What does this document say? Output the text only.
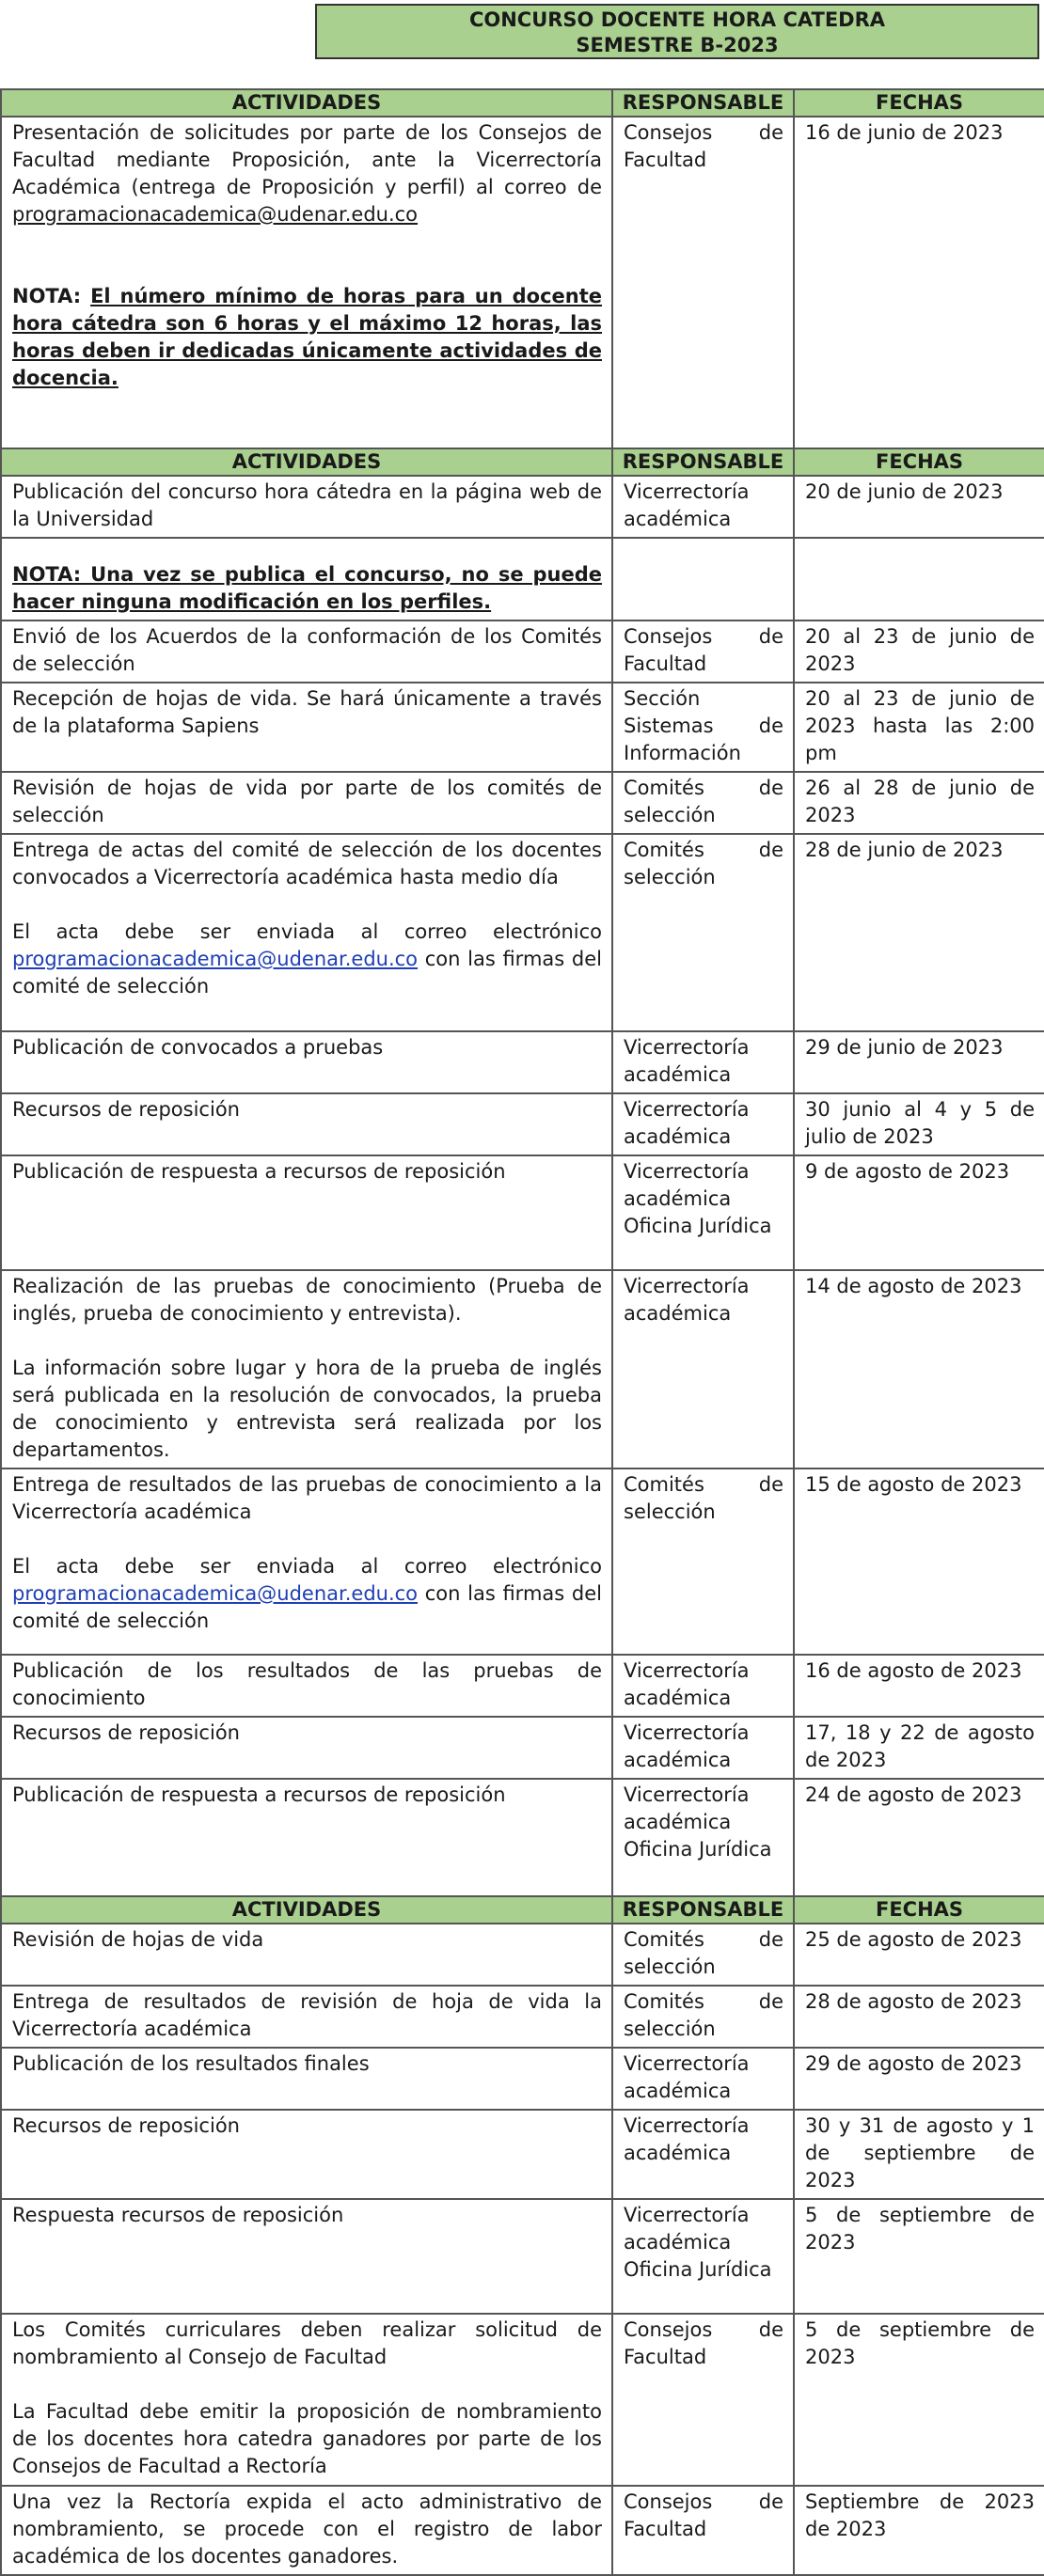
CONCURSO DOCENTE HORA CATEDRA
SEMESTRE B-2023
ACTIVIDADES	RESPONSABLE	FECHAS
Presentación de solicitudes por parte de los Consejos de Facultad mediante Proposición, ante la Vicerrectoría Académica (entrega de Proposición y perfil) al correo de programacionacademica@udenar.edu.co

NOTA: El número mínimo de horas para un docente hora cátedra son 6 horas y el máximo 12 horas, las horas deben ir dedicadas únicamente actividades de docencia.	Consejos de Facultad	16 de junio de 2023
ACTIVIDADES	RESPONSABLE	FECHAS
Publicación del concurso hora cátedra en la página web de la Universidad	Vicerrectoría académica	20 de junio de 2023

NOTA: Una vez se publica el concurso, no se puede hacer ninguna modificación en los perfiles.		

Envió de los Acuerdos de la conformación de los Comités de selección	Consejos de Facultad	20 al 23 de junio de 2023
Recepción de hojas de vida. Se hará únicamente a través de la plataforma Sapiens	Sección Sistemas de Información	20 al 23 de junio de 2023 hasta las 2:00 pm
Revisión de hojas de vida por parte de los comités de selección	Comités de selección	26 al 28 de junio de 2023

Entrega de actas del comité de selección de los docentes convocados a Vicerrectoría académica hasta medio día

El acta debe ser enviada al correo electrónico programacionacademica@udenar.edu.co con las firmas del comité de selección	Comités de selección	28 de junio de 2023
Publicación de convocados a pruebas	Vicerrectoría académica	29 de junio de 2023
Recursos de reposición	Vicerrectoría académica	30 junio al 4 y 5 de julio de 2023
Publicación de respuesta a recursos de reposición	Vicerrectoría académica Oficina Jurídica	9 de agosto de 2023

Realización de las pruebas de conocimiento (Prueba de inglés, prueba de conocimiento y entrevista).

La información sobre lugar y hora de la prueba de inglés será publicada en la resolución de convocados, la prueba de conocimiento y entrevista será realizada por los departamentos.	Vicerrectoría académica	14 de agosto de 2023

Entrega de resultados de las pruebas de conocimiento a la Vicerrectoría académica

El acta debe ser enviada al correo electrónico programacionacademica@udenar.edu.co con las firmas del comité de selección	Comités de selección	15 de agosto de 2023
Publicación de los resultados de las pruebas de conocimiento	Vicerrectoría académica	16 de agosto de 2023
Recursos de reposición	Vicerrectoría académica	17, 18 y 22 de agosto de 2023
Publicación de respuesta a recursos de reposición	Vicerrectoría académica Oficina Jurídica	24 de agosto de 2023
ACTIVIDADES	RESPONSABLE	FECHAS
Revisión de hojas de vida	Comités de selección	25 de agosto de 2023
Entrega de resultados de revisión de hoja de vida la Vicerrectoría académica	Comités de selección	28 de agosto de 2023
Publicación de los resultados finales	Vicerrectoría académica	29 de agosto de 2023
Recursos de reposición	Vicerrectoría académica	30 y 31 de agosto y 1 de septiembre de 2023
Respuesta recursos de reposición	Vicerrectoría académica Oficina Jurídica	5 de septiembre de 2023

Los Comités curriculares deben realizar solicitud de nombramiento al Consejo de Facultad

La Facultad debe emitir la proposición de nombramiento de los docentes hora catedra ganadores por parte de los Consejos de Facultad a Rectoría	Consejos de Facultad	5 de septiembre de 2023
Una vez la Rectoría expida el acto administrativo de nombramiento, se procede con el registro de labor académica de los docentes ganadores.	Consejos de Facultad	Septiembre de 2023 de 2023
